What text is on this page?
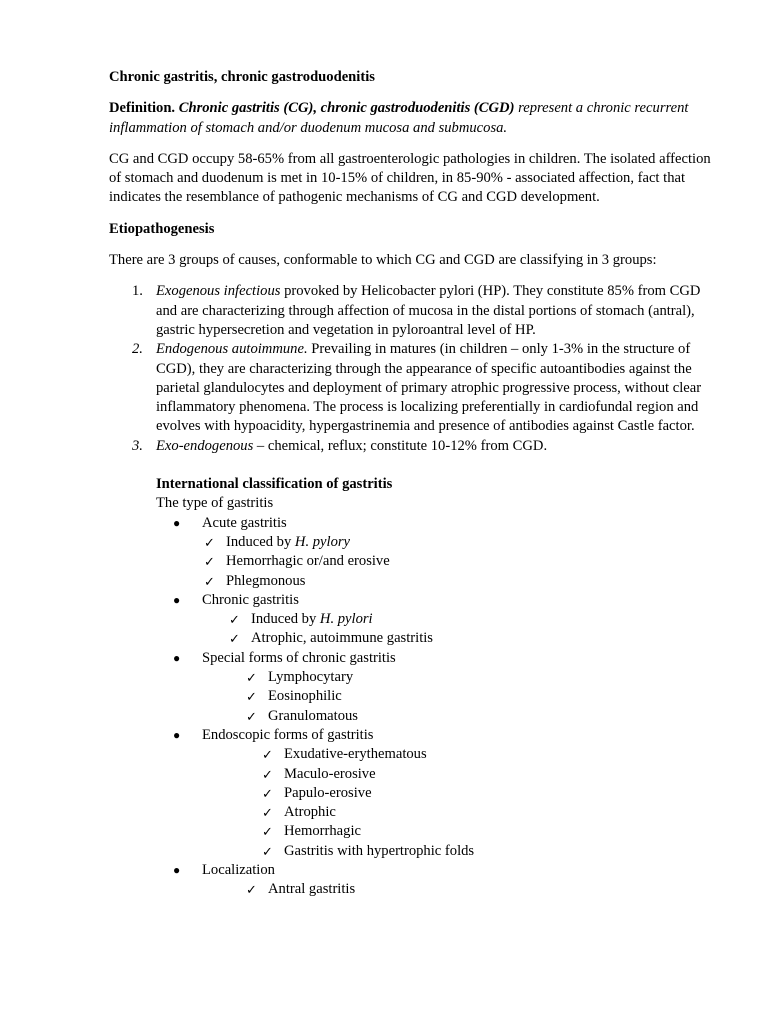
Chronic gastritis, chronic gastroduodenitis

Definition. Chronic gastritis (CG), chronic gastroduodenitis (CGD) represent a chronic recurrent inflammation of stomach and/or duodenum mucosa and submucosa.

CG and CGD occupy 58-65% from all gastroenterologic pathologies in children. The isolated affection of stomach and duodenum is met in 10-15% of children, in 85-90% - associated affection, fact that indicates the resemblance of pathogenic mechanisms of CG and CGD development.

Etiopathogenesis

There are 3 groups of causes, conformable to which CG and CGD are classifying in 3 groups:

1. Exogenous infectious provoked by Helicobacter pylori (HP). They constitute 85% from CGD and are characterizing through affection of mucosa in the distal portions of stomach (antral), gastric hypersecretion and vegetation in pyloroantral level of HP.
2. Endogenous autoimmune. Prevailing in matures (in children – only 1-3% in the structure of CGD), they are characterizing through the appearance of specific autoantibodies against the parietal glandulocytes and deployment of primary atrophic progressive process, without clear inflammatory phenomena. The process is localizing preferentially in cardiofundal region and evolves with hypoacidity, hypergastrinemia and presence of antibodies against Castle factor.
3. Exo-endogenous – chemical, reflux; constitute 10-12% from CGD.

International classification of gastritis

The type of gastritis

● Acute gastritis
✓ Induced by H. pylory
✓ Hemorrhagic or/and erosive
✓ Phlegmonous
● Chronic gastritis
✓ Induced by H. pylori
✓ Atrophic, autoimmune gastritis
● Special forms of chronic gastritis
✓ Lymphocytary
✓ Eosinophilic
✓ Granulomatous
● Endoscopic forms of gastritis
✓ Exudative-erythematous
✓ Maculo-erosive
✓ Papulo-erosive
✓ Atrophic
✓ Hemorrhagic
✓ Gastritis with hypertrophic folds
● Localization
✓ Antral gastritis
